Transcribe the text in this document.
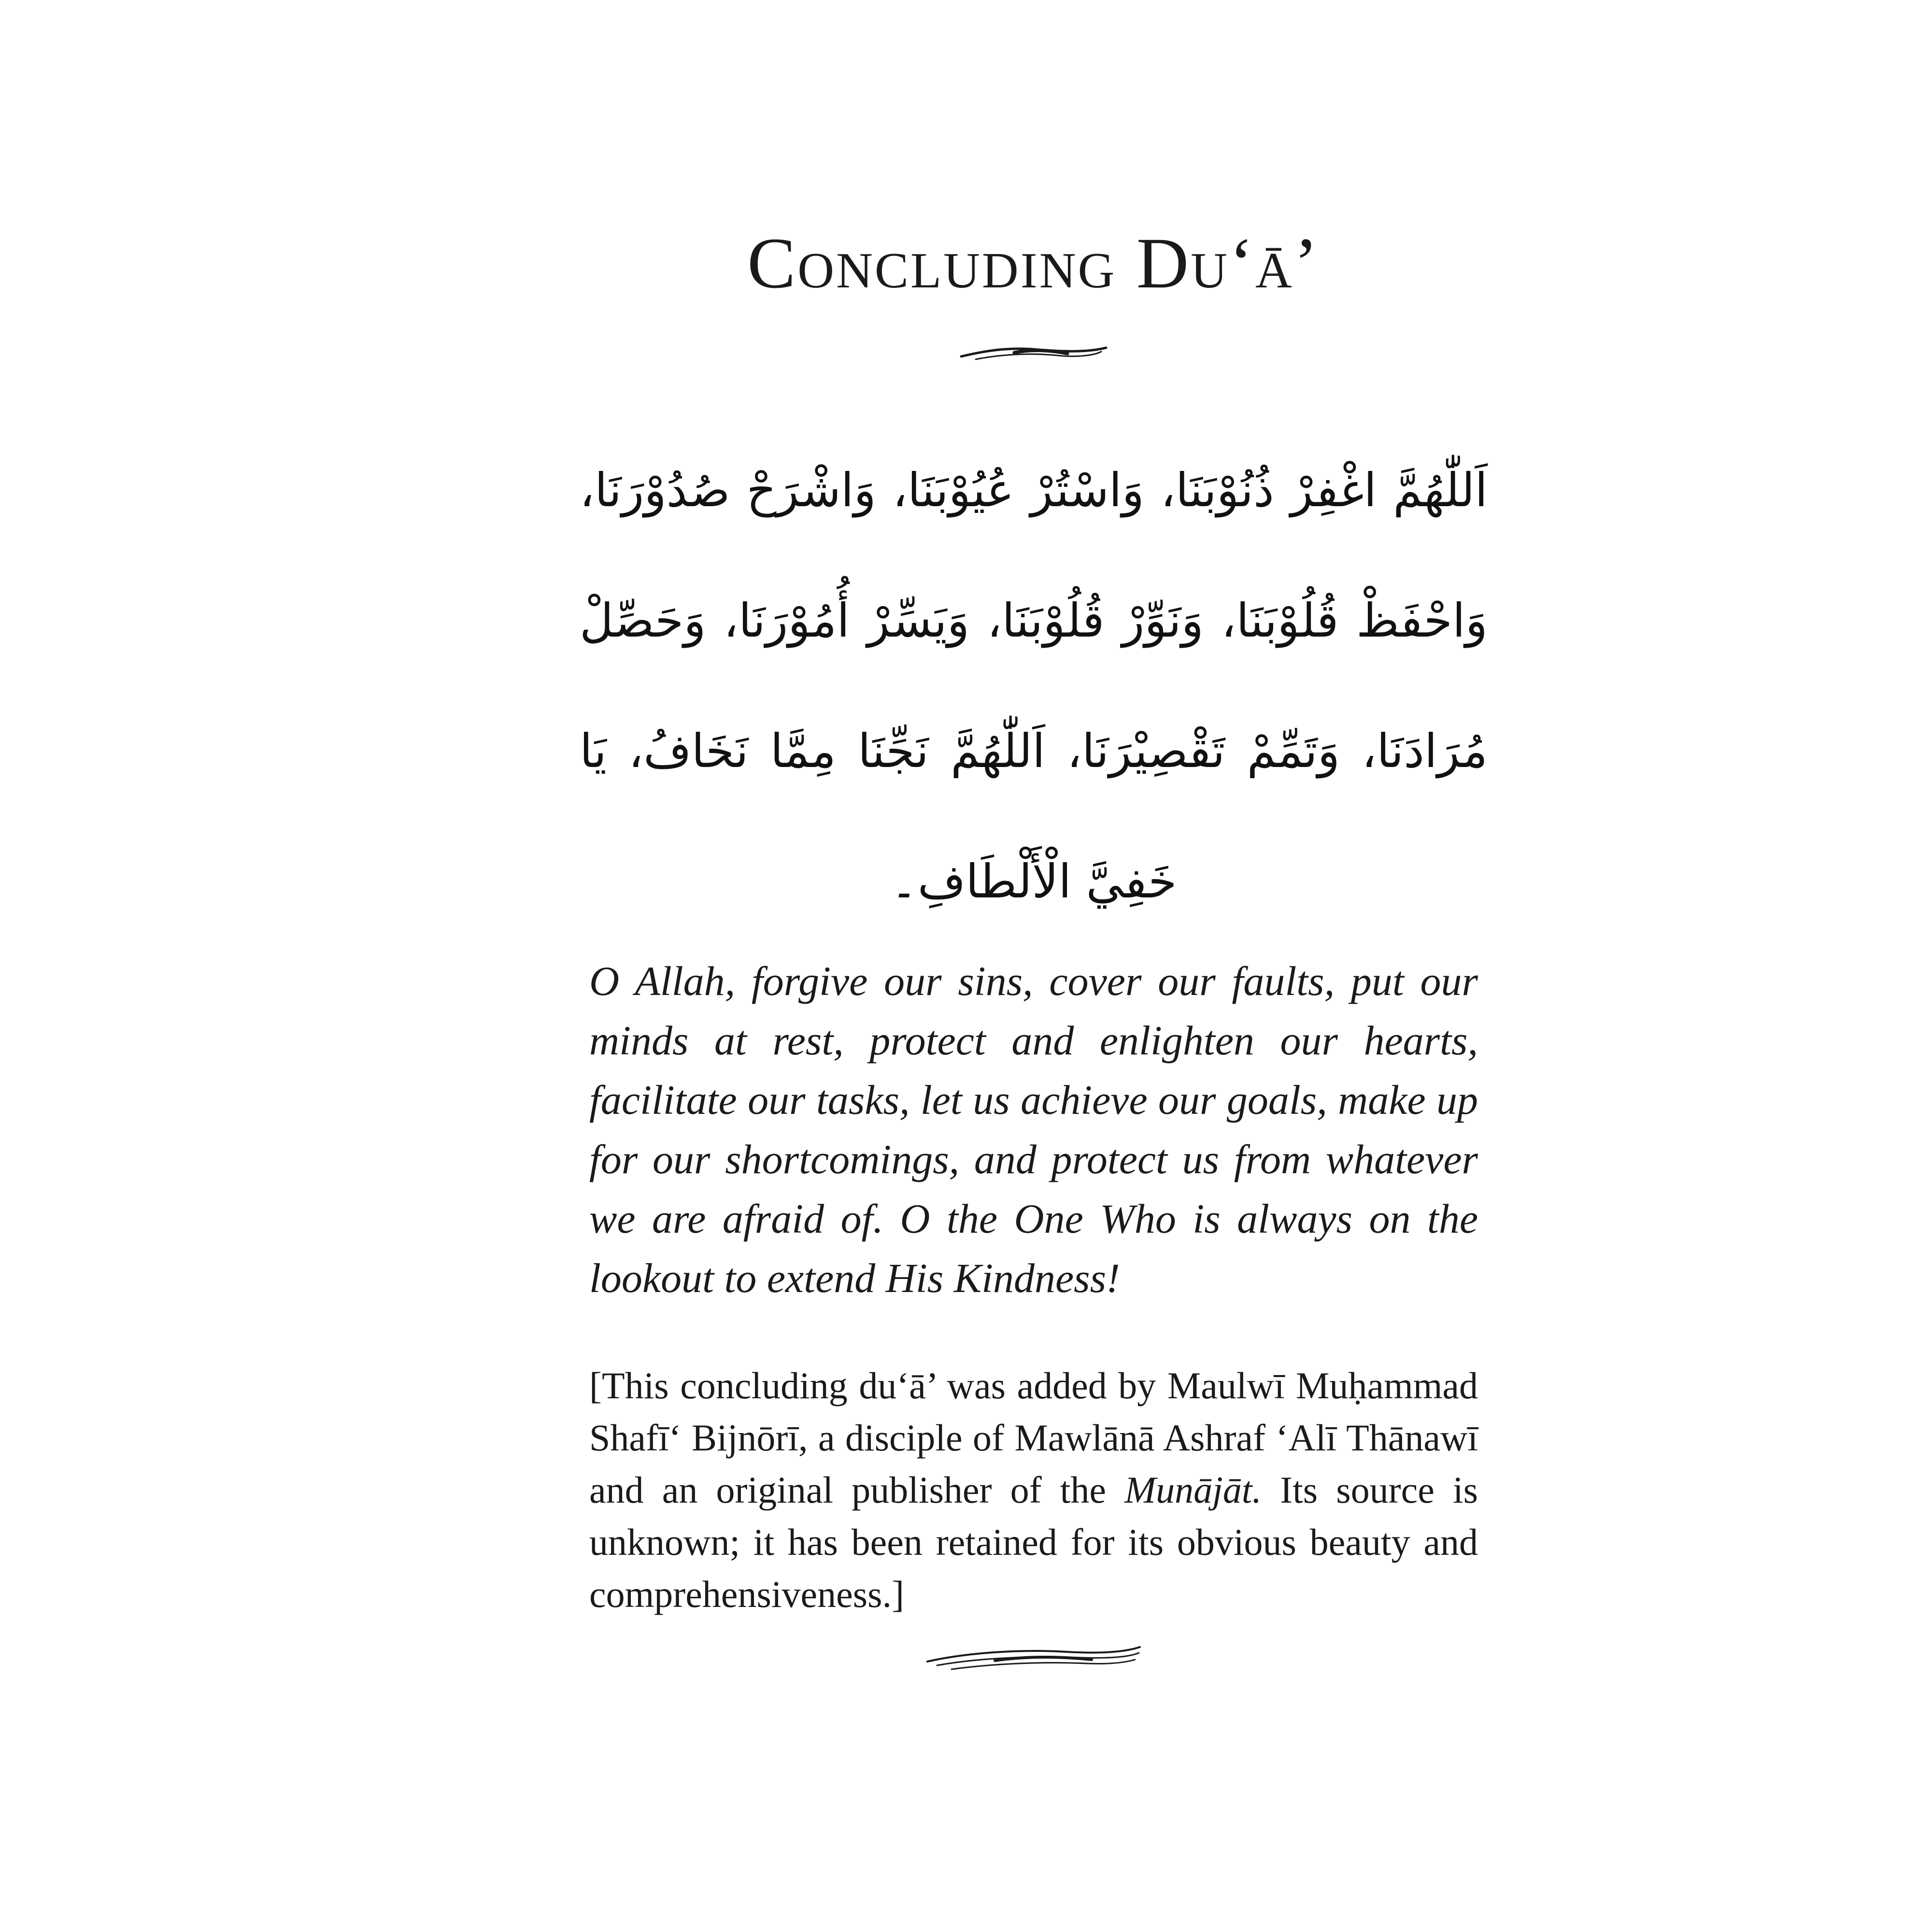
Concluding Du‘ā’
اَللّٰهُمَّ اغْفِرْ ذُنُوْبَنَا، وَاسْتُرْ عُيُوْبَنَا، وَاشْرَحْ صُدُوْرَنَا، وَاحْفَظْ قُلُوْبَنَا، وَنَوِّرْ قُلُوْبَنَا، وَيَسِّرْ أُمُوْرَنَا، وَحَصِّلْ مُرَادَنَا، وَتَمِّمْ تَقْصِيْرَنَا، اَللّٰهُمَّ نَجِّنَا مِمَّا نَخَافُ، يَا خَفِيَّ الْأَلْطَافِ۔
O Allah, forgive our sins, cover our faults, put our minds at rest, protect and enlighten our hearts, facilitate our tasks, let us achieve our goals, make up for our shortcomings, and protect us from whatever we are afraid of. O the One Who is always on the lookout to extend His Kindness!
[This concluding du‘ā’ was added by Maulwī Muḥammad Shafī‘ Bijnōrī, a disciple of Mawlānā Ashraf ‘Alī Thānawī and an original publisher of the Munājāt. Its source is unknown; it has been retained for its obvious beauty and comprehensiveness.]
